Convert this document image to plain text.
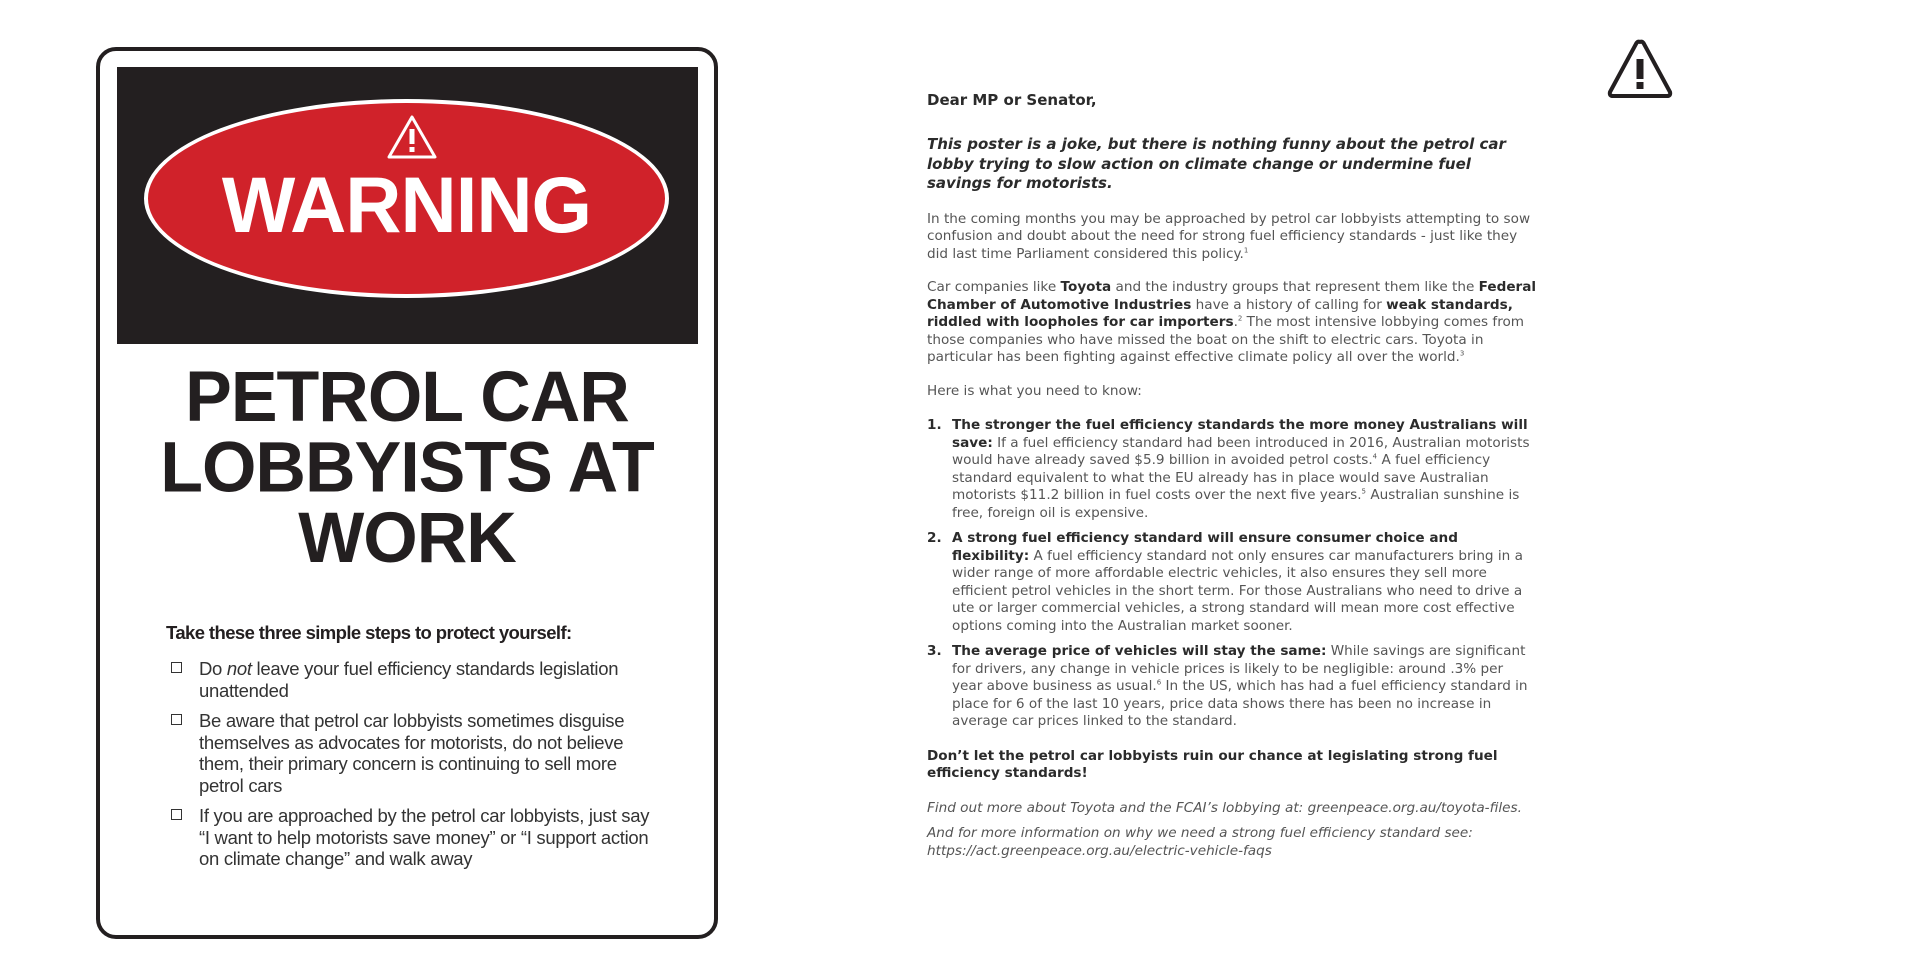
WARNING
PETROL CAR
LOBBYISTS AT
WORK
Take these three simple steps to protect yourself:
Do not leave your fuel efficiency standards legislation unattended
Be aware that petrol car lobbyists sometimes disguise themselves as advocates for motorists, do not believe them, their primary concern is continuing to sell more petrol cars
If you are approached by the petrol car lobbyists, just say “I want to help motorists save money” or “I support action on climate change” and walk away

Dear MP or Senator,

This poster is a joke, but there is nothing funny about the petrol car lobby trying to slow action on climate change or undermine fuel savings for motorists.

In the coming months you may be approached by petrol car lobbyists attempting to sow confusion and doubt about the need for strong fuel efficiency standards - just like they did last time Parliament considered this policy.$^1$

Car companies like Toyota and the industry groups that represent them like the Federal Chamber of Automotive Industries have a history of calling for weak standards, riddled with loopholes for car importers.$^2$ The most intensive lobbying comes from those companies who have missed the boat on the shift to electric cars. Toyota in particular has been fighting against effective climate policy all over the world.$^3$

Here is what you need to know:

1. The stronger the fuel efficiency standards the more money Australians will save: If a fuel efficiency standard had been introduced in 2016, Australian motorists would have already saved $5.9 billion in avoided petrol costs.$^4$ A fuel efficiency standard equivalent to what the EU already has in place would save Australian motorists $11.2 billion in fuel costs over the next five years.$^5$ Australian sunshine is free, foreign oil is expensive.
2. A strong fuel efficiency standard will ensure consumer choice and flexibility: A fuel efficiency standard not only ensures car manufacturers bring in a wider range of more affordable electric vehicles, it also ensures they sell more efficient petrol vehicles in the short term. For those Australians who need to drive a ute or larger commercial vehicles, a strong standard will mean more cost effective options coming into the Australian market sooner.
3. The average price of vehicles will stay the same: While savings are significant for drivers, any change in vehicle prices is likely to be negligible: around .3% per year above business as usual.$^6$ In the US, which has had a fuel efficiency standard in place for 6 of the last 10 years, price data shows there has been no increase in average car prices linked to the standard.

Don’t let the petrol car lobbyists ruin our chance at legislating strong fuel efficiency standards!

Find out more about Toyota and the FCAI’s lobbying at: greenpeace.org.au/toyota-files.

And for more information on why we need a strong fuel efficiency standard see: https://act.greenpeace.org.au/electric-vehicle-faqs
